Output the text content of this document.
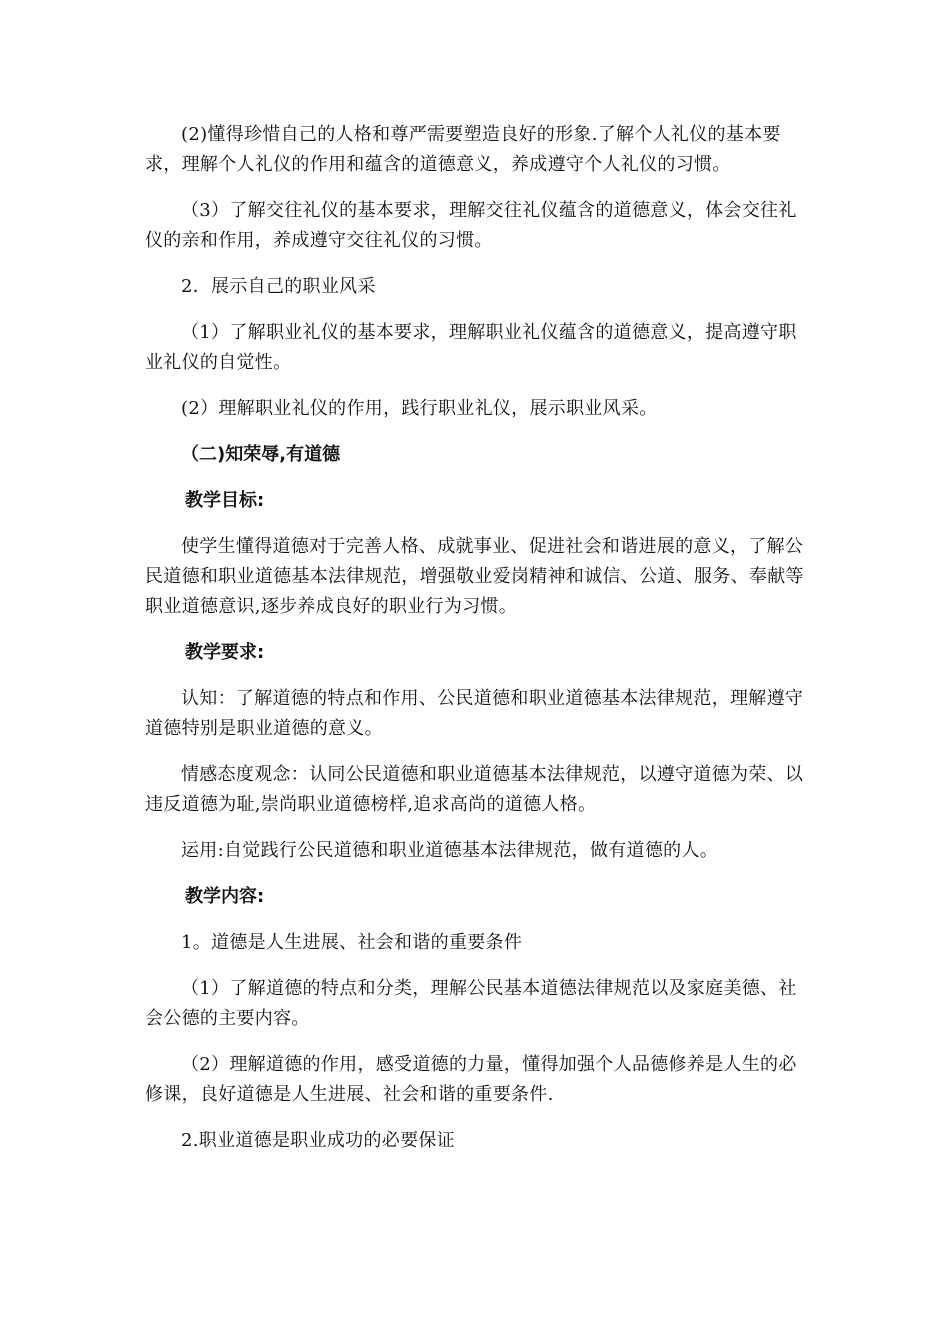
(2)懂得珍惜自己的人格和尊严需要塑造良好的形象.了解个人礼仪的基本要求，理解个人礼仪的作用和蕴含的道德意义，养成遵守个人礼仪的习惯。

（3）了解交往礼仪的基本要求，理解交往礼仪蕴含的道德意义，体会交往礼仪的亲和作用，养成遵守交往礼仪的习惯。

2．展示自己的职业风采

（1）了解职业礼仪的基本要求，理解职业礼仪蕴含的道德意义，提高遵守职业礼仪的自觉性。

(2）理解职业礼仪的作用，践行职业礼仪，展示职业风采。

（二)知荣辱,有道德

教学目标:

使学生懂得道德对于完善人格、成就事业、促进社会和谐进展的意义，了解公民道德和职业道德基本法律规范，增强敬业爱岗精神和诚信、公道、服务、奉献等职业道德意识,逐步养成良好的职业行为习惯。

教学要求:

认知：了解道德的特点和作用、公民道德和职业道德基本法律规范，理解遵守道德特别是职业道德的意义。

情感态度观念：认同公民道德和职业道德基本法律规范，以遵守道德为荣、以违反道德为耻,崇尚职业道德榜样,追求高尚的道德人格。

运用:自觉践行公民道德和职业道德基本法律规范，做有道德的人。

教学内容:

1。道德是人生进展、社会和谐的重要条件

（1）了解道德的特点和分类，理解公民基本道德法律规范以及家庭美德、社会公德的主要内容。

（2）理解道德的作用，感受道德的力量，懂得加强个人品德修养是人生的必修课，良好道德是人生进展、社会和谐的重要条件.

2.职业道德是职业成功的必要保证
